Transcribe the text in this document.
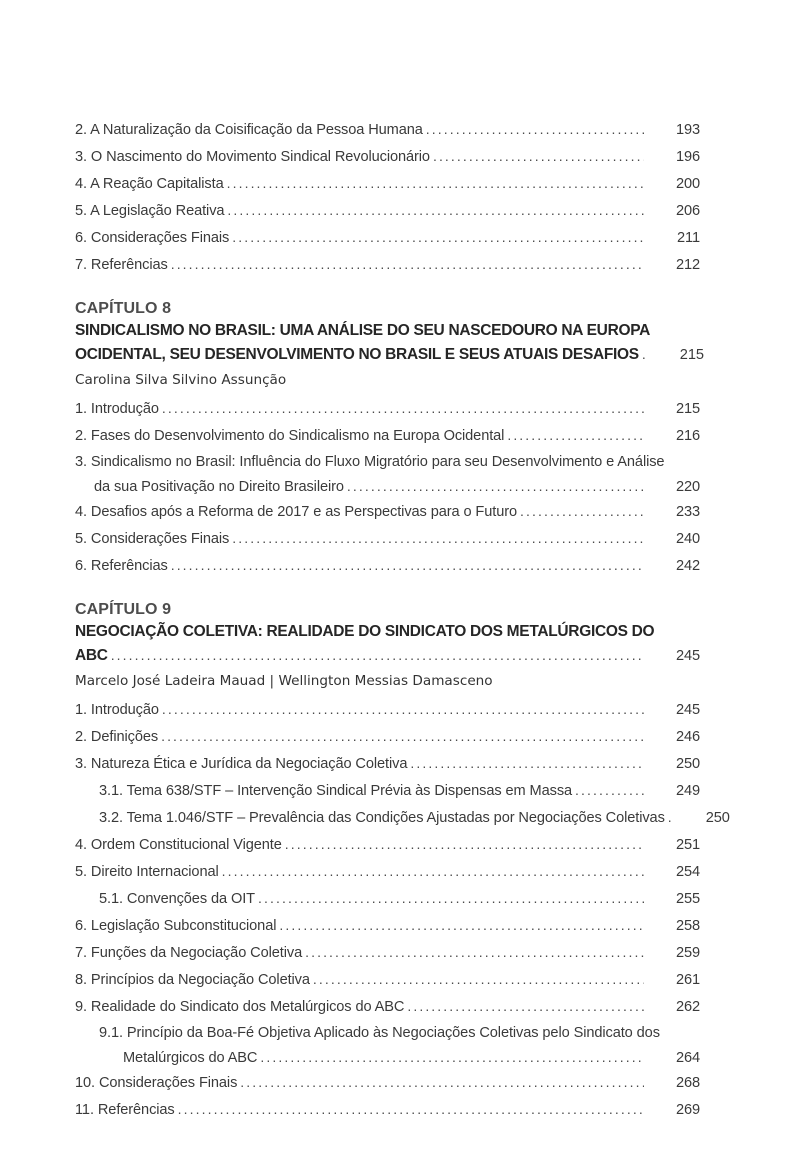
2. A Naturalização da Coisificação da Pessoa Humana .....	193
3. O Nascimento do Movimento Sindical Revolucionário .....	196
4. A Reação Capitalista .....	200
5. A Legislação Reativa .....	206
6. Considerações Finais .....	211
7. Referências .....	212
CAPÍTULO 8
SINDICALISMO NO BRASIL: UMA ANÁLISE DO SEU NASCEDOURO NA EUROPA
OCIDENTAL, SEU DESENVOLVIMENTO NO BRASIL E SEUS ATUAIS DESAFIOS .....	215
Carolina Silva Silvino Assunção
1. Introdução .....	215
2. Fases do Desenvolvimento do Sindicalismo na Europa Ocidental .....	216
3. Sindicalismo no Brasil: Influência do Fluxo Migratório para seu Desenvolvimento e Análise
da sua Positivação no Direito Brasileiro .....	220
4. Desafios após a Reforma de 2017 e as Perspectivas para o Futuro .....	233
5. Considerações Finais .....	240
6. Referências .....	242
CAPÍTULO 9
NEGOCIAÇÃO COLETIVA: REALIDADE DO SINDICATO DOS METALÚRGICOS DO
ABC .....	245
Marcelo José Ladeira Mauad | Wellington Messias Damasceno
1. Introdução .....	245
2. Definições .....	246
3. Natureza Ética e Jurídica da Negociação Coletiva .....	250
3.1. Tema 638/STF – Intervenção Sindical Prévia às Dispensas em Massa .....	249
3.2. Tema 1.046/STF – Prevalência das Condições Ajustadas por Negociações Coletivas .....	250
4. Ordem Constitucional Vigente .....	251
5. Direito Internacional .....	254
5.1. Convenções da OIT .....	255
6. Legislação Subconstitucional .....	258
7. Funções da Negociação Coletiva .....	259
8. Princípios da Negociação Coletiva .....	261
9. Realidade do Sindicato dos Metalúrgicos do ABC .....	262
9.1. Princípio da Boa-Fé Objetiva Aplicado às Negociações Coletivas pelo Sindicato dos
Metalúrgicos do ABC .....	264
10. Considerações Finais .....	268
11. Referências .....	269
